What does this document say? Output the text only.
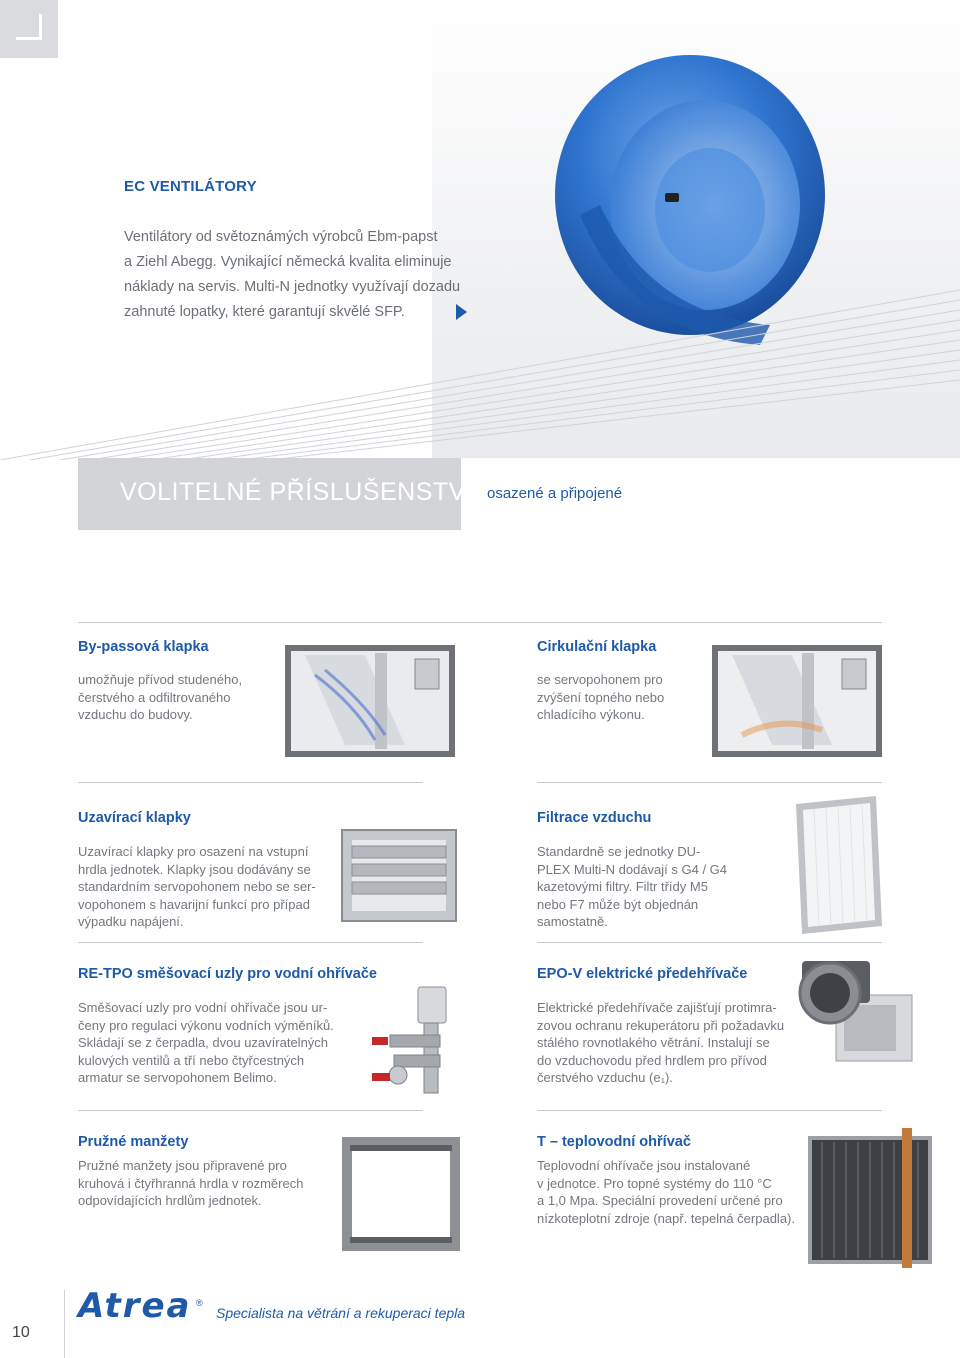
EC VENTILÁTORY
Ventilátory od světoznámých výrobců Ebm-papst
a Ziehl Abegg. Vynikající německá kvalita eliminuje
náklady na servis. Multi-N jednotky využívají dozadu
zahnuté lopatky, které garantují skvělé SFP.
VOLITELNÉ PŘÍSLUŠENSTVÍ osazené a připojené
By-passová klapka
umožňuje přívod studeného,
čerstvého a odfiltrovaného
vzduchu do budovy.
Cirkulační klapka
se servopohonem pro
zvýšení topného nebo
chladícího výkonu.
Uzavírací klapky
Uzavírací klapky pro osazení na vstupní
hrdla jednotek. Klapky jsou dodávány se
standardním servopohonem nebo se ser-
vopohonem s havarijní funkcí pro případ
výpadku napájení.
Filtrace vzduchu
Standardně se jednotky DU-
PLEX Multi-N dodávají s G4 / G4
kazetovými filtry. Filtr třídy M5
nebo F7 může být objednán
samostatně.
RE-TPO směšovací uzly pro vodní ohřívače
Směšovací uzly pro vodní ohřívače jsou ur-
čeny pro regulaci výkonu vodních výměníků.
Skládají se z čerpadla, dvou uzavíratelných
kulových ventilů a tří nebo čtyřcestných
armatur se servopohonem Belimo.
EPO-V elektrické předehřívače
Elektrické předehřívače zajišťují protimra-
zovou ochranu rekuperátoru při požadavku
stálého rovnotlakého větrání. Instalují se
do vzduchovodu před hrdlem pro přívod
čerstvého vzduchu (e₁).
Pružné manžety
Pružné manžety jsou připravené pro
kruhová i čtyřhranná hrdla v rozměrech
odpovídajících hrdlům jednotek.
T – teplovodní ohřívač
Teplovodní ohřívače jsou instalované
v jednotce. Pro topné systémy do 110 °C
a 1,0 Mpa. Speciální provedení určené pro
nízkoteplotní zdroje (např. tepelná čerpadla).
10
Atrea ®
Specialista na větrání a rekuperaci tepla
